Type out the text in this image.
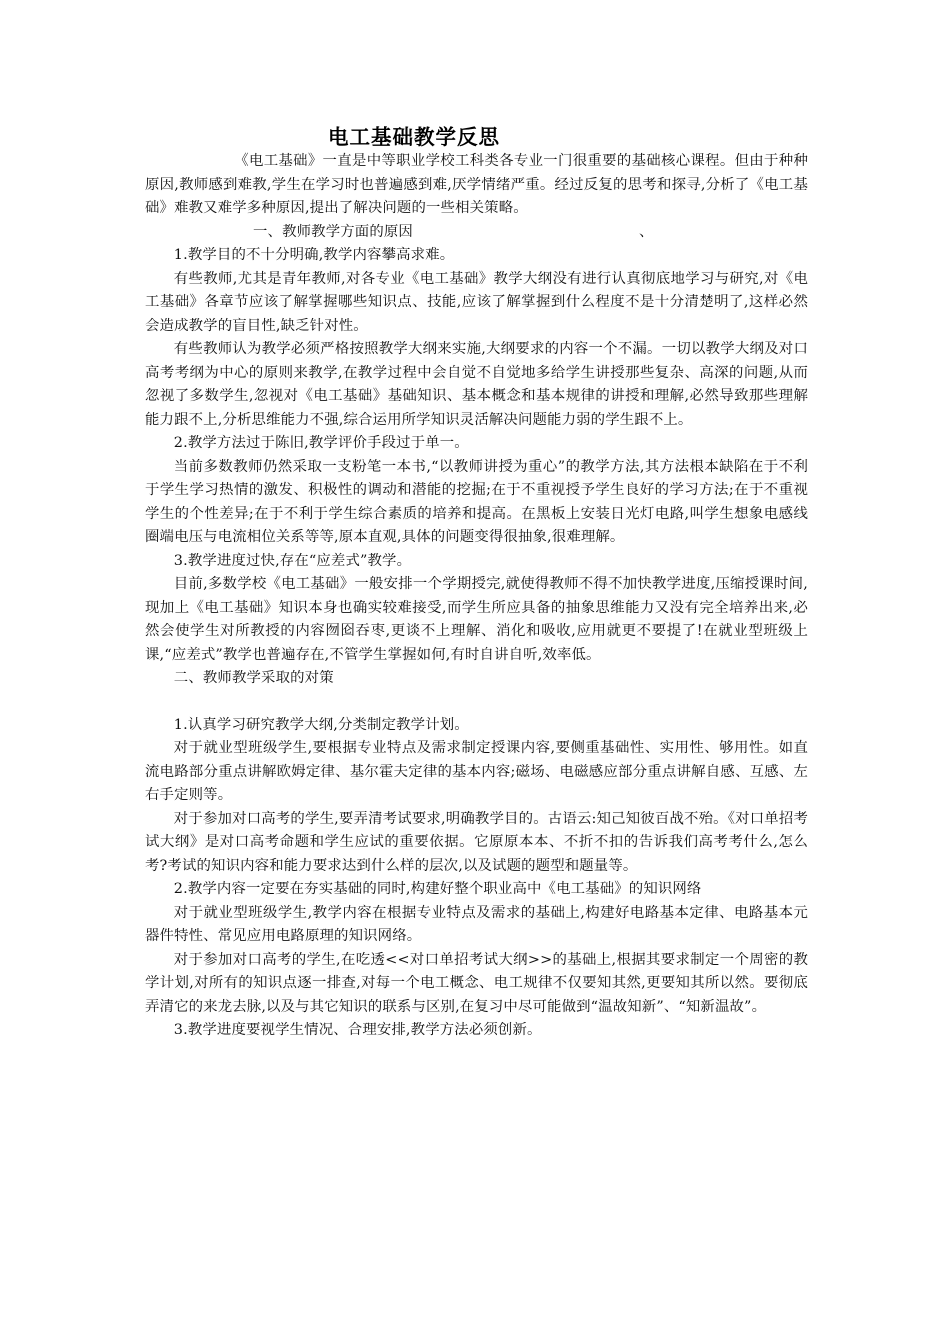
电工基础教学反思

《电工基础》一直是中等职业学校工科类各专业一门很重要的基础核心课程。但由于种种原因,教师感到难教,学生在学习时也普遍感到难,厌学情绪严重。经过反复的思考和探寻,分析了《电工基础》难教又难学多种原因,提出了解决问题的一些相关策略。

一、教师教学方面的原因	、

1.教学目的不十分明确,教学内容攀高求难。

有些教师,尤其是青年教师,对各专业《电工基础》教学大纲没有进行认真彻底地学习与研究,对《电工基础》各章节应该了解掌握哪些知识点、技能,应该了解掌握到什么程度不是十分清楚明了,这样必然会造成教学的盲目性,缺乏针对性。

有些教师认为教学必须严格按照教学大纲来实施,大纲要求的内容一个不漏。一切以教学大纲及对口高考考纲为中心的原则来教学,在教学过程中会自觉不自觉地多给学生讲授那些复杂、高深的问题,从而忽视了多数学生,忽视对《电工基础》基础知识、基本概念和基本规律的讲授和理解,必然导致那些理解能力跟不上,分析思维能力不强,综合运用所学知识灵活解决问题能力弱的学生跟不上。

2.教学方法过于陈旧,教学评价手段过于单一。

当前多数教师仍然采取一支粉笔一本书,“以教师讲授为重心”的教学方法,其方法根本缺陷在于不利于学生学习热情的激发、积极性的调动和潜能的挖掘;在于不重视授予学生良好的学习方法;在于不重视学生的个性差异;在于不利于学生综合素质的培养和提高。在黑板上安装日光灯电路,叫学生想象电感线圈端电压与电流相位关系等等,原本直观,具体的问题变得很抽象,很难理解。

3.教学进度过快,存在“应差式”教学。

目前,多数学校《电工基础》一般安排一个学期授完,就使得教师不得不加快教学进度,压缩授课时间,现加上《电工基础》知识本身也确实较难接受,而学生所应具备的抽象思维能力又没有完全培养出来,必然会使学生对所教授的内容囫囵吞枣,更谈不上理解、消化和吸收,应用就更不要提了!在就业型班级上课,“应差式”教学也普遍存在,不管学生掌握如何,有时自讲自听,效率低。

二、教师教学采取的对策

1.认真学习研究教学大纲,分类制定教学计划。

对于就业型班级学生,要根据专业特点及需求制定授课内容,要侧重基础性、实用性、够用性。如直流电路部分重点讲解欧姆定律、基尔霍夫定律的基本内容;磁场、电磁感应部分重点讲解自感、互感、左右手定则等。

对于参加对口高考的学生,要弄清考试要求,明确教学目的。古语云:知己知彼百战不殆。《对口单招考试大纲》是对口高考命题和学生应试的重要依据。它原原本本、不折不扣的告诉我们高考考什么,怎么考?考试的知识内容和能力要求达到什么样的层次,以及试题的题型和题量等。

2.教学内容一定要在夯实基础的同时,构建好整个职业高中《电工基础》的知识网络

对于就业型班级学生,教学内容在根据专业特点及需求的基础上,构建好电路基本定律、电路基本元器件特性、常见应用电路原理的知识网络。

对于参加对口高考的学生,在吃透<<对口单招考试大纲>>的基础上,根据其要求制定一个周密的教学计划,对所有的知识点逐一排查,对每一个电工概念、电工规律不仅要知其然,更要知其所以然。要彻底弄清它的来龙去脉,以及与其它知识的联系与区别,在复习中尽可能做到“温故知新”、“知新温故”。

3.教学进度要视学生情况、合理安排,教学方法必须创新。
